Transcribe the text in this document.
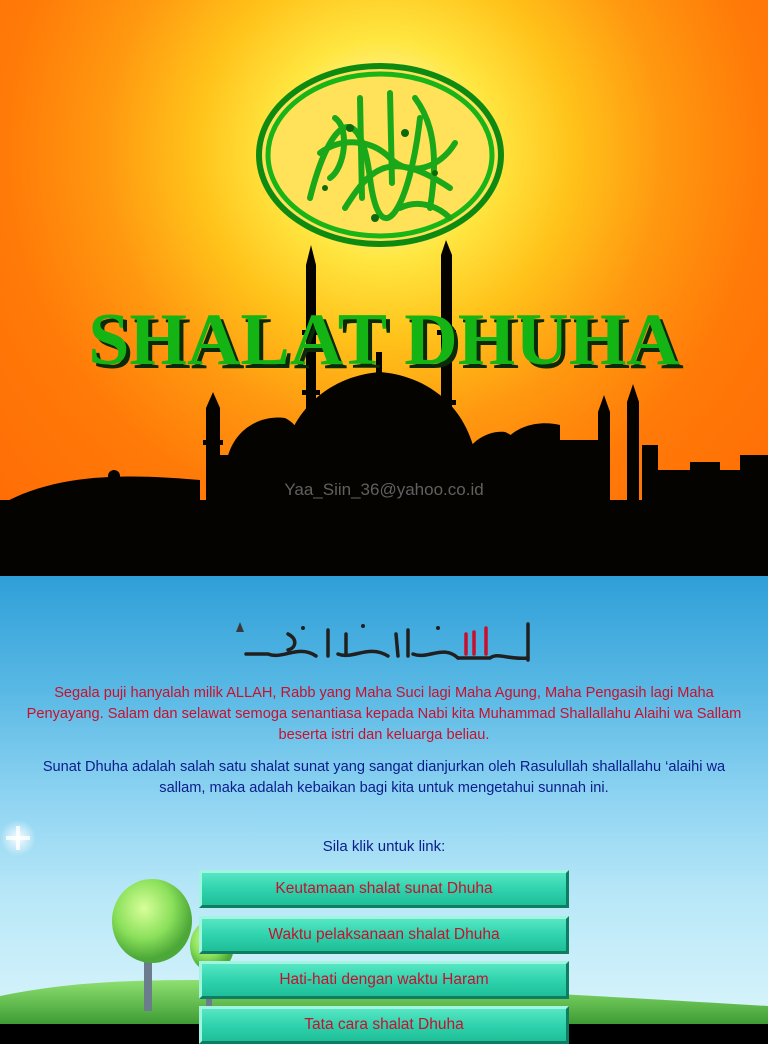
SHALAT DHUHA
Yaa_Siin_36@yahoo.co.id

Segala puji hanyalah milik ALLAH, Rabb yang Maha Suci lagi Maha Agung, Maha Pengasih lagi Maha Penyayang. Salam dan selawat semoga senantiasa kepada Nabi kita Muhammad Shallallahu Alaihi wa Sallam beserta istri dan keluarga beliau.

Sunat Dhuha adalah salah satu shalat sunat yang sangat dianjurkan oleh Rasulullah shallallahu ‘alaihi wa sallam, maka adalah kebaikan bagi kita untuk mengetahui sunnah ini.

Sila klik untuk link:
Keutamaan shalat sunat Dhuha
Waktu pelaksanaan shalat Dhuha
Hati-hati dengan waktu Haram
Tata cara shalat Dhuha
